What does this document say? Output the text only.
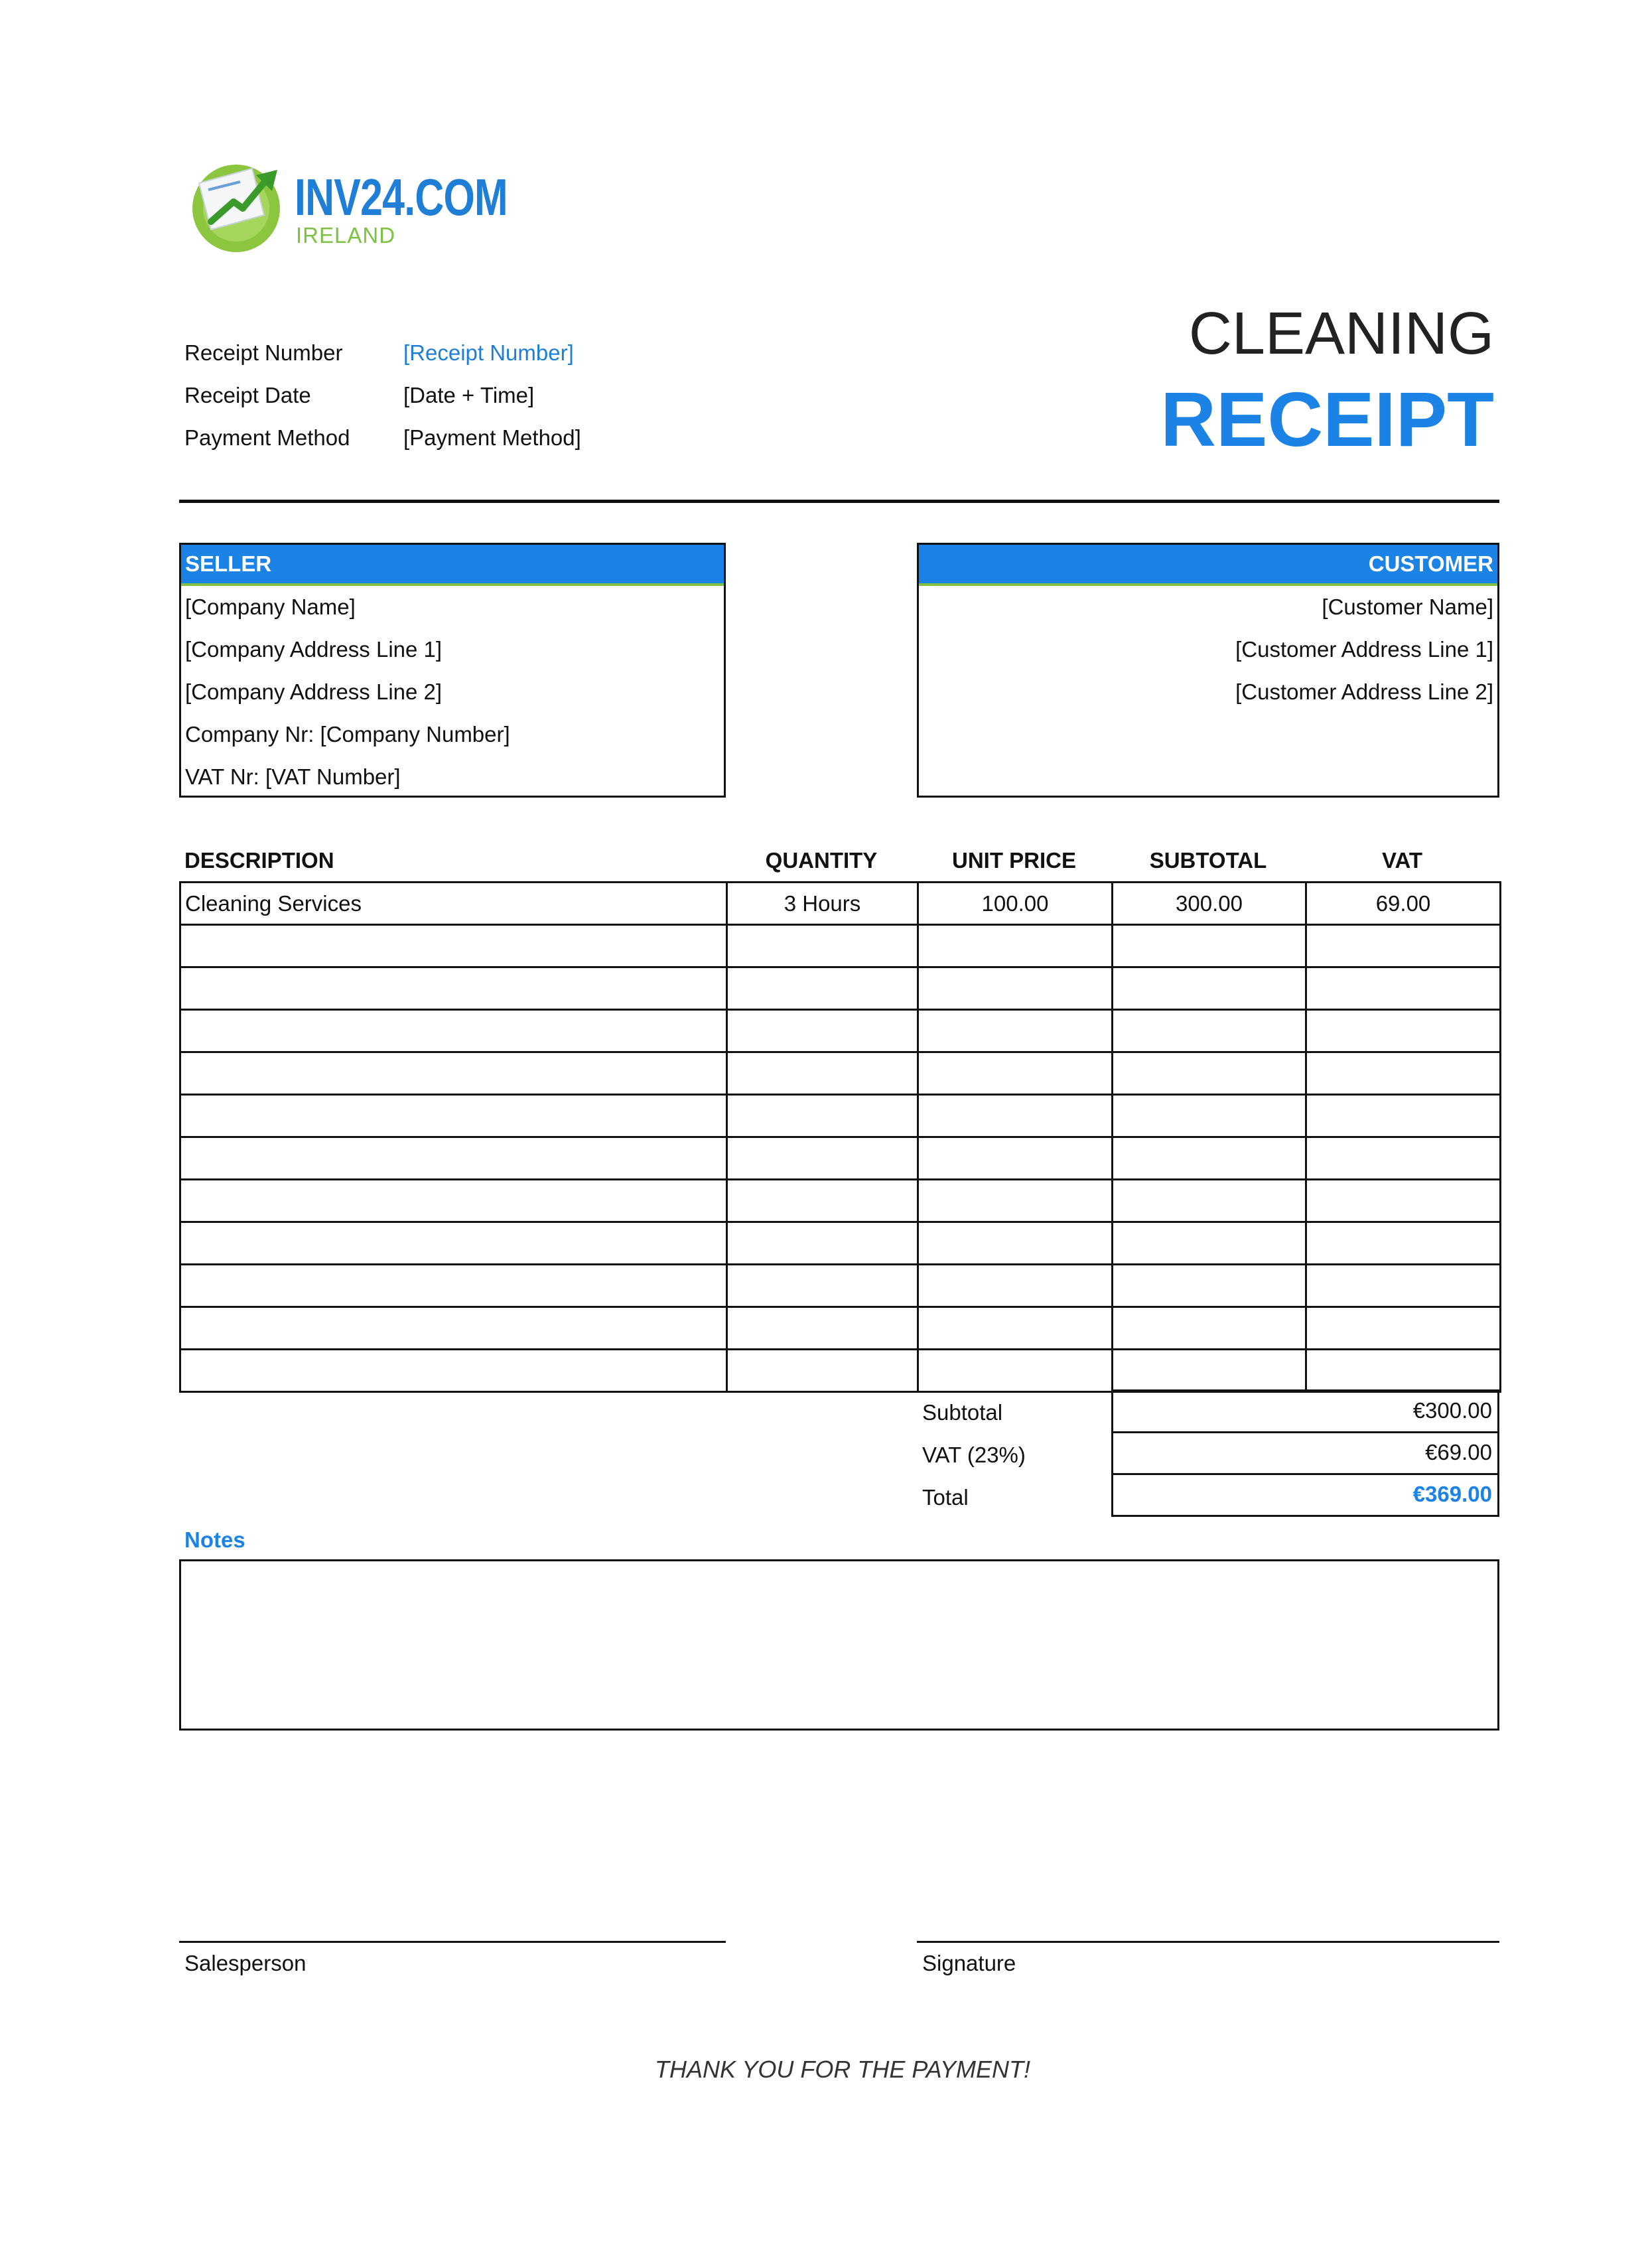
INV24.COM
IRELAND
Receipt Number	[Receipt Number]
Receipt Date	[Date + Time]
Payment Method [Payment Method]
CLEANING
RECEIPT
SELLER
[Company Name]
[Company Address Line 1]
[Company Address Line 2]
Company Nr: [Company Number]
VAT Nr: [VAT Number]
CUSTOMER
[Customer Name]
[Customer Address Line 1]
[Customer Address Line 2]
DESCRIPTION	QUANTITY	UNIT PRICE	SUBTOTAL	VAT
Cleaning Services	3 Hours	100.00	300.00	69.00

Subtotal	€300.00
VAT (23%)	€69.00
Total	€369.00
Notes
Salesperson	Signature
THANK YOU FOR THE PAYMENT!
